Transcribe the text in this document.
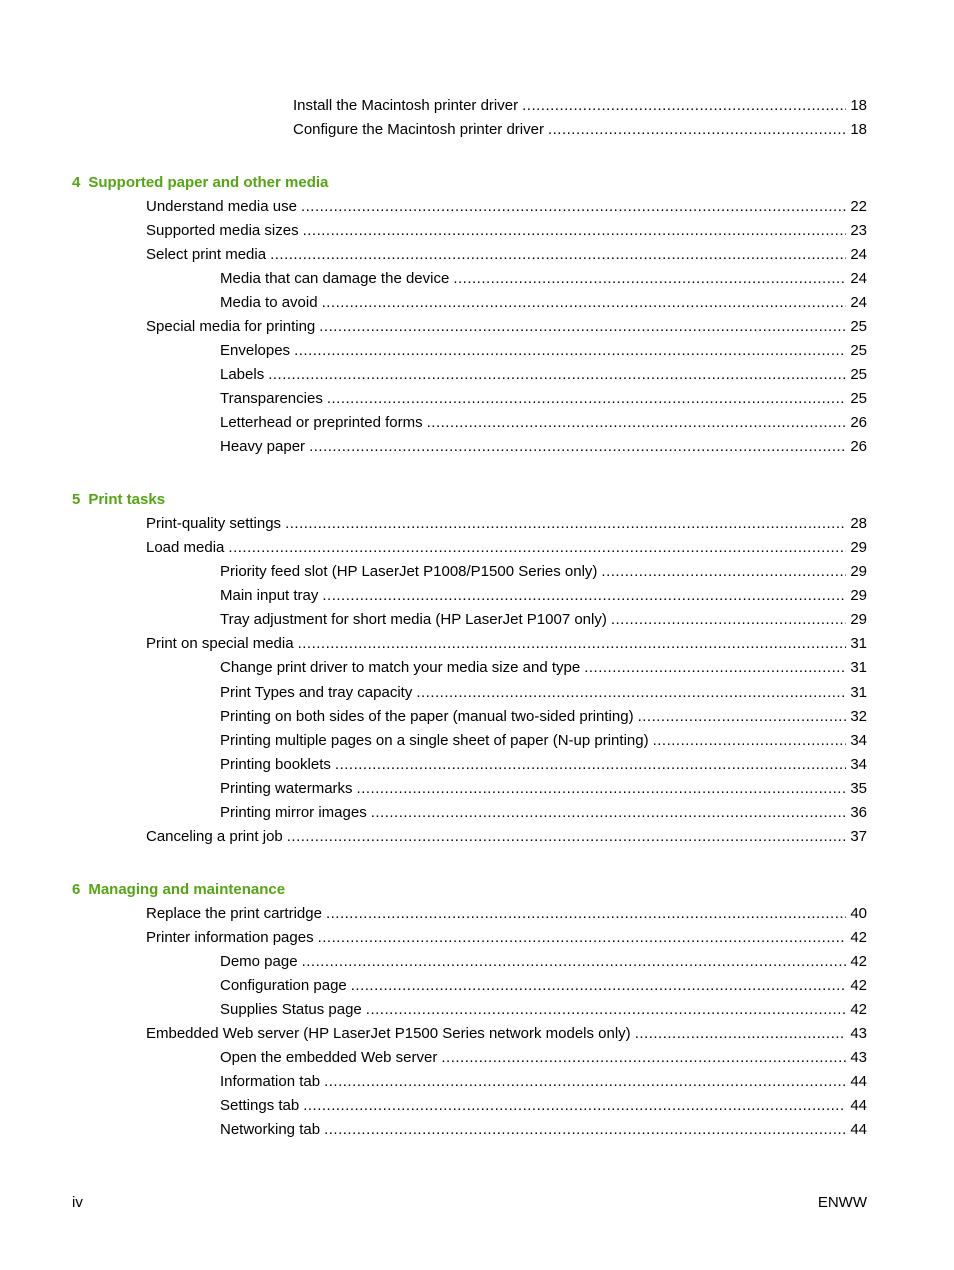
Install the Macintosh printer driver .....	18
Configure the Macintosh printer driver .....	18
4 Supported paper and other media
Understand media use .....	22
Supported media sizes .....	23
Select print media .....	24
Media that can damage the device .....	24
Media to avoid .....	24
Special media for printing .....	25
Envelopes .....	25
Labels .....	25
Transparencies .....	25
Letterhead or preprinted forms .....	26
Heavy paper .....	26
5 Print tasks
Print-quality settings .....	28
Load media .....	29
Priority feed slot (HP LaserJet P1008/P1500 Series only) .....	29
Main input tray .....	29
Tray adjustment for short media (HP LaserJet P1007 only) .....	29
Print on special media .....	31
Change print driver to match your media size and type .....	31
Print Types and tray capacity .....	31
Printing on both sides of the paper (manual two-sided printing) .....	32
Printing multiple pages on a single sheet of paper (N-up printing) .....	34
Printing booklets .....	34
Printing watermarks .....	35
Printing mirror images .....	36
Canceling a print job .....	37
6 Managing and maintenance
Replace the print cartridge .....	40
Printer information pages .....	42
Demo page .....	42
Configuration page .....	42
Supplies Status page .....	42
Embedded Web server (HP LaserJet P1500 Series network models only) .....	43
Open the embedded Web server .....	43
Information tab .....	44
Settings tab .....	44
Networking tab .....	44
iv	ENWW
